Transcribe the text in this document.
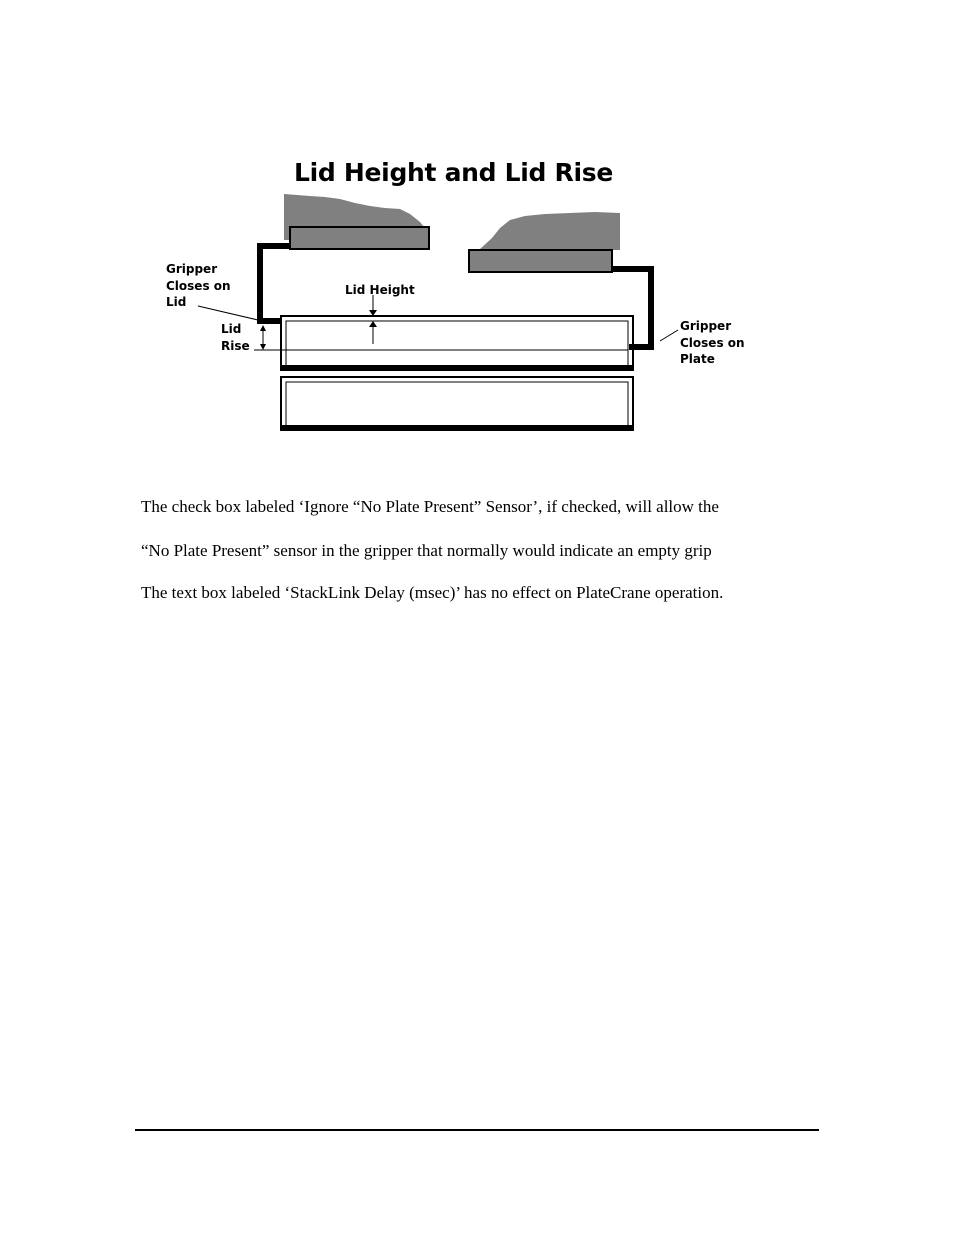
Lid Height and Lid Rise
Gripper
Closes on
Lid
Lid
Rise
Lid Height
Gripper
Closes on
Plate
The check box labeled ‘Ignore “No Plate Present” Sensor’, if checked, will allow the
“No Plate Present” sensor in the gripper that normally would indicate an empty grip
The text box labeled ‘StackLink Delay (msec)’ has no effect on PlateCrane operation.
